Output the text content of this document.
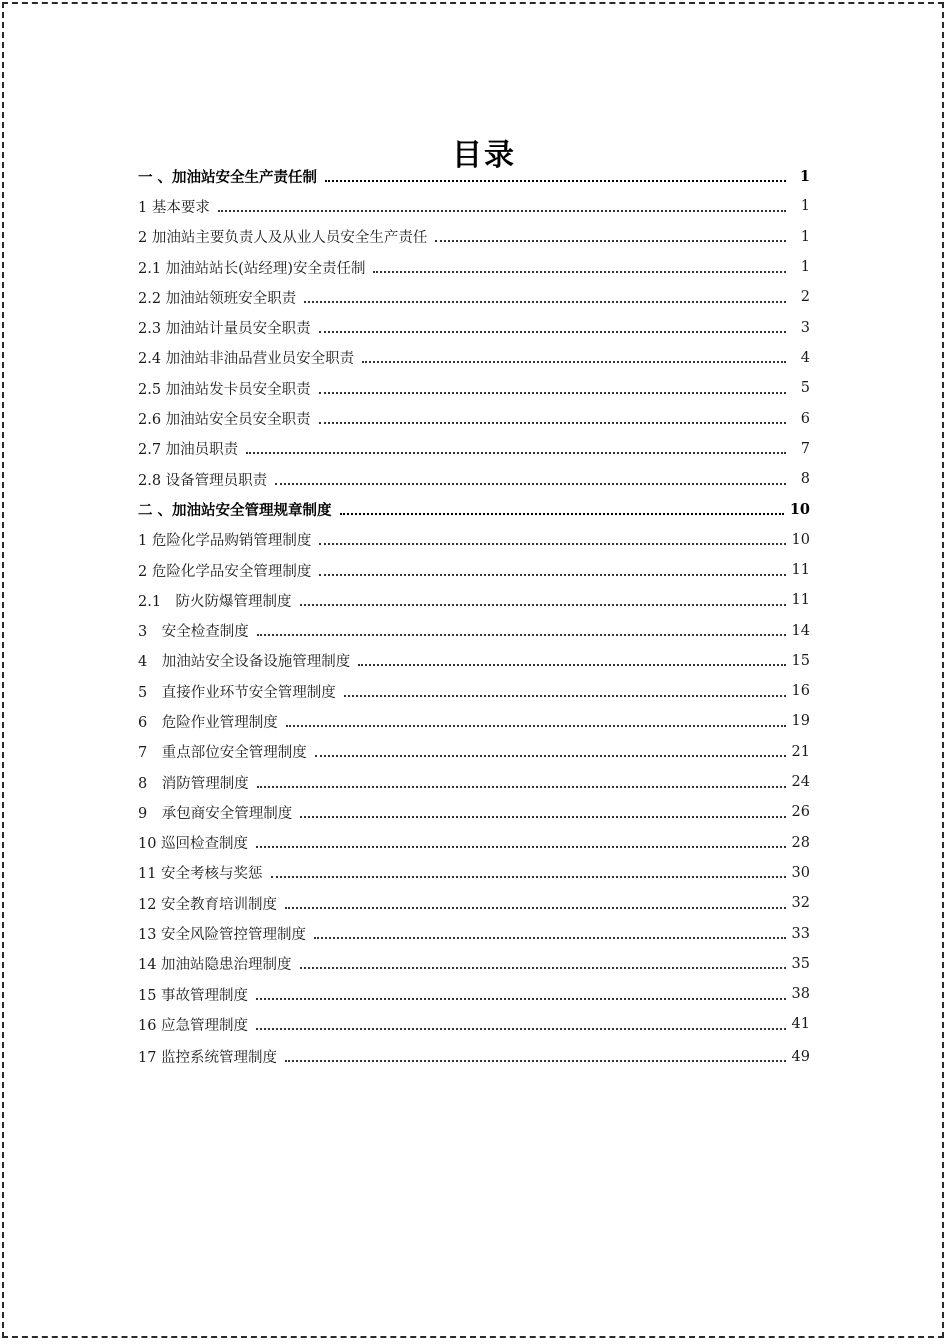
目录
一 、加油站安全生产责任制	1
1 基本要求	1
2 加油站主要负责人及从业人员安全生产责任	1
2.1 加油站站长(站经理)安全责任制	1
2.2 加油站领班安全职责	2
2.3 加油站计量员安全职责	3
2.4 加油站非油品营业员安全职责	4
2.5 加油站发卡员安全职责	5
2.6 加油站安全员安全职责	6
2.7 加油员职责	7
2.8 设备管理员职责	8
二 、加油站安全管理规章制度	10
1 危险化学品购销管理制度	10
2 危险化学品安全管理制度	11
2.1　防火防爆管理制度	11
3　安全检查制度	14
4　加油站安全设备设施管理制度	15
5　直接作业环节安全管理制度	16
6　危险作业管理制度	19
7　重点部位安全管理制度	21
8　消防管理制度	24
9　承包商安全管理制度	26
10 巡回检查制度	28
11 安全考核与奖惩	30
12 安全教育培训制度	32
13 安全风险管控管理制度	33
14 加油站隐患治理制度	35
15 事故管理制度	38
16 应急管理制度	41
17 监控系统管理制度	49
